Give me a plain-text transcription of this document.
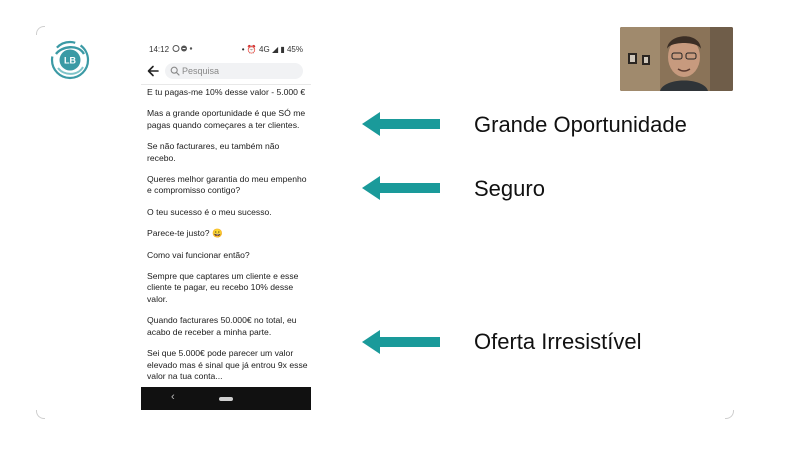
LB
14:12	• ⏰ 4G ◢ ▮ 45%
Pesquisa

E tu pagas-me 10% desse valor - 5.000 €

Mas a grande oportunidade é que SÓ me pagas quando começares a ter clientes.

Se não facturares, eu também não recebo.

Queres melhor garantia do meu empenho e compromisso contigo?

O teu sucesso é o meu sucesso.

Parece-te justo? 😀

Como vai funcionar então?

Sempre que captares um cliente e esse cliente te pagar, eu recebo 10% desse valor.

Quando facturares 50.000€ no total, eu acabo de receber a minha parte.

Sei que 5.000€ pode parecer um valor elevado mas é sinal que já entrou 9x esse valor na tua conta...

‹
Grande Oportunidade
Seguro
Oferta Irresistível
